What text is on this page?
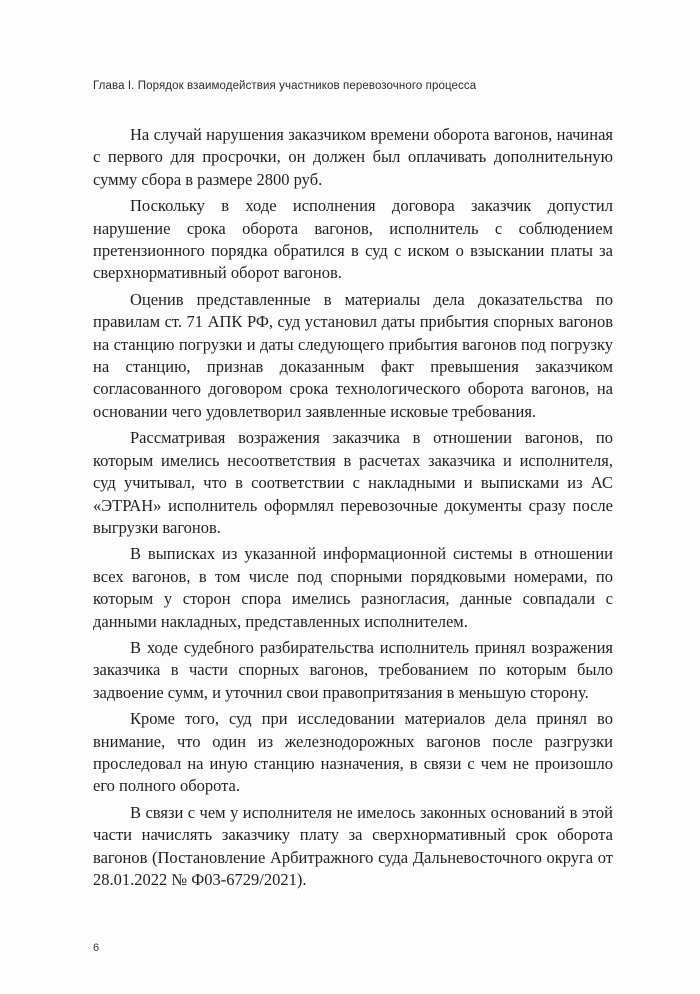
Глава I. Порядок взаимодействия участников перевозочного процесса

На случай нарушения заказчиком времени оборота вагонов, начиная с первого для просрочки, он должен был оплачивать дополнительную сумму сбора в размере 2800 руб.

Поскольку в ходе исполнения договора заказчик допустил нарушение срока оборота вагонов, исполнитель с соблюдением претензионного порядка обратился в суд с иском о взыскании платы за сверхнормативный оборот вагонов.

Оценив представленные в материалы дела доказательства по правилам ст. 71 АПК РФ, суд установил даты прибытия спорных вагонов на станцию погрузки и даты следующего прибытия вагонов под погрузку на станцию, признав доказанным факт превышения заказчиком согласованного договором срока технологического оборота вагонов, на основании чего удовлетворил заявленные исковые требования.

Рассматривая возражения заказчика в отношении вагонов, по которым имелись несоответствия в расчетах заказчика и исполнителя, суд учитывал, что в соответствии с накладными и выписками из АС «ЭТРАН» исполнитель оформлял перевозочные документы сразу после выгрузки вагонов.

В выписках из указанной информационной системы в отношении всех вагонов, в том числе под спорными порядковыми номерами, по которым у сторон спора имелись разногласия, данные совпадали с данными накладных, представленных исполнителем.

В ходе судебного разбирательства исполнитель принял возражения заказчика в части спорных вагонов, требованием по которым было задвоение сумм, и уточнил свои правопритязания в меньшую сторону.

Кроме того, суд при исследовании материалов дела принял во внимание, что один из железнодорожных вагонов после разгрузки проследовал на иную станцию назначения, в связи с чем не произошло его полного оборота.

В связи с чем у исполнителя не имелось законных оснований в этой части начислять заказчику плату за сверхнормативный срок оборота вагонов (Постановление Арбитражного суда Дальневосточного округа от 28.01.2022 № Ф03-6729/2021).

6
